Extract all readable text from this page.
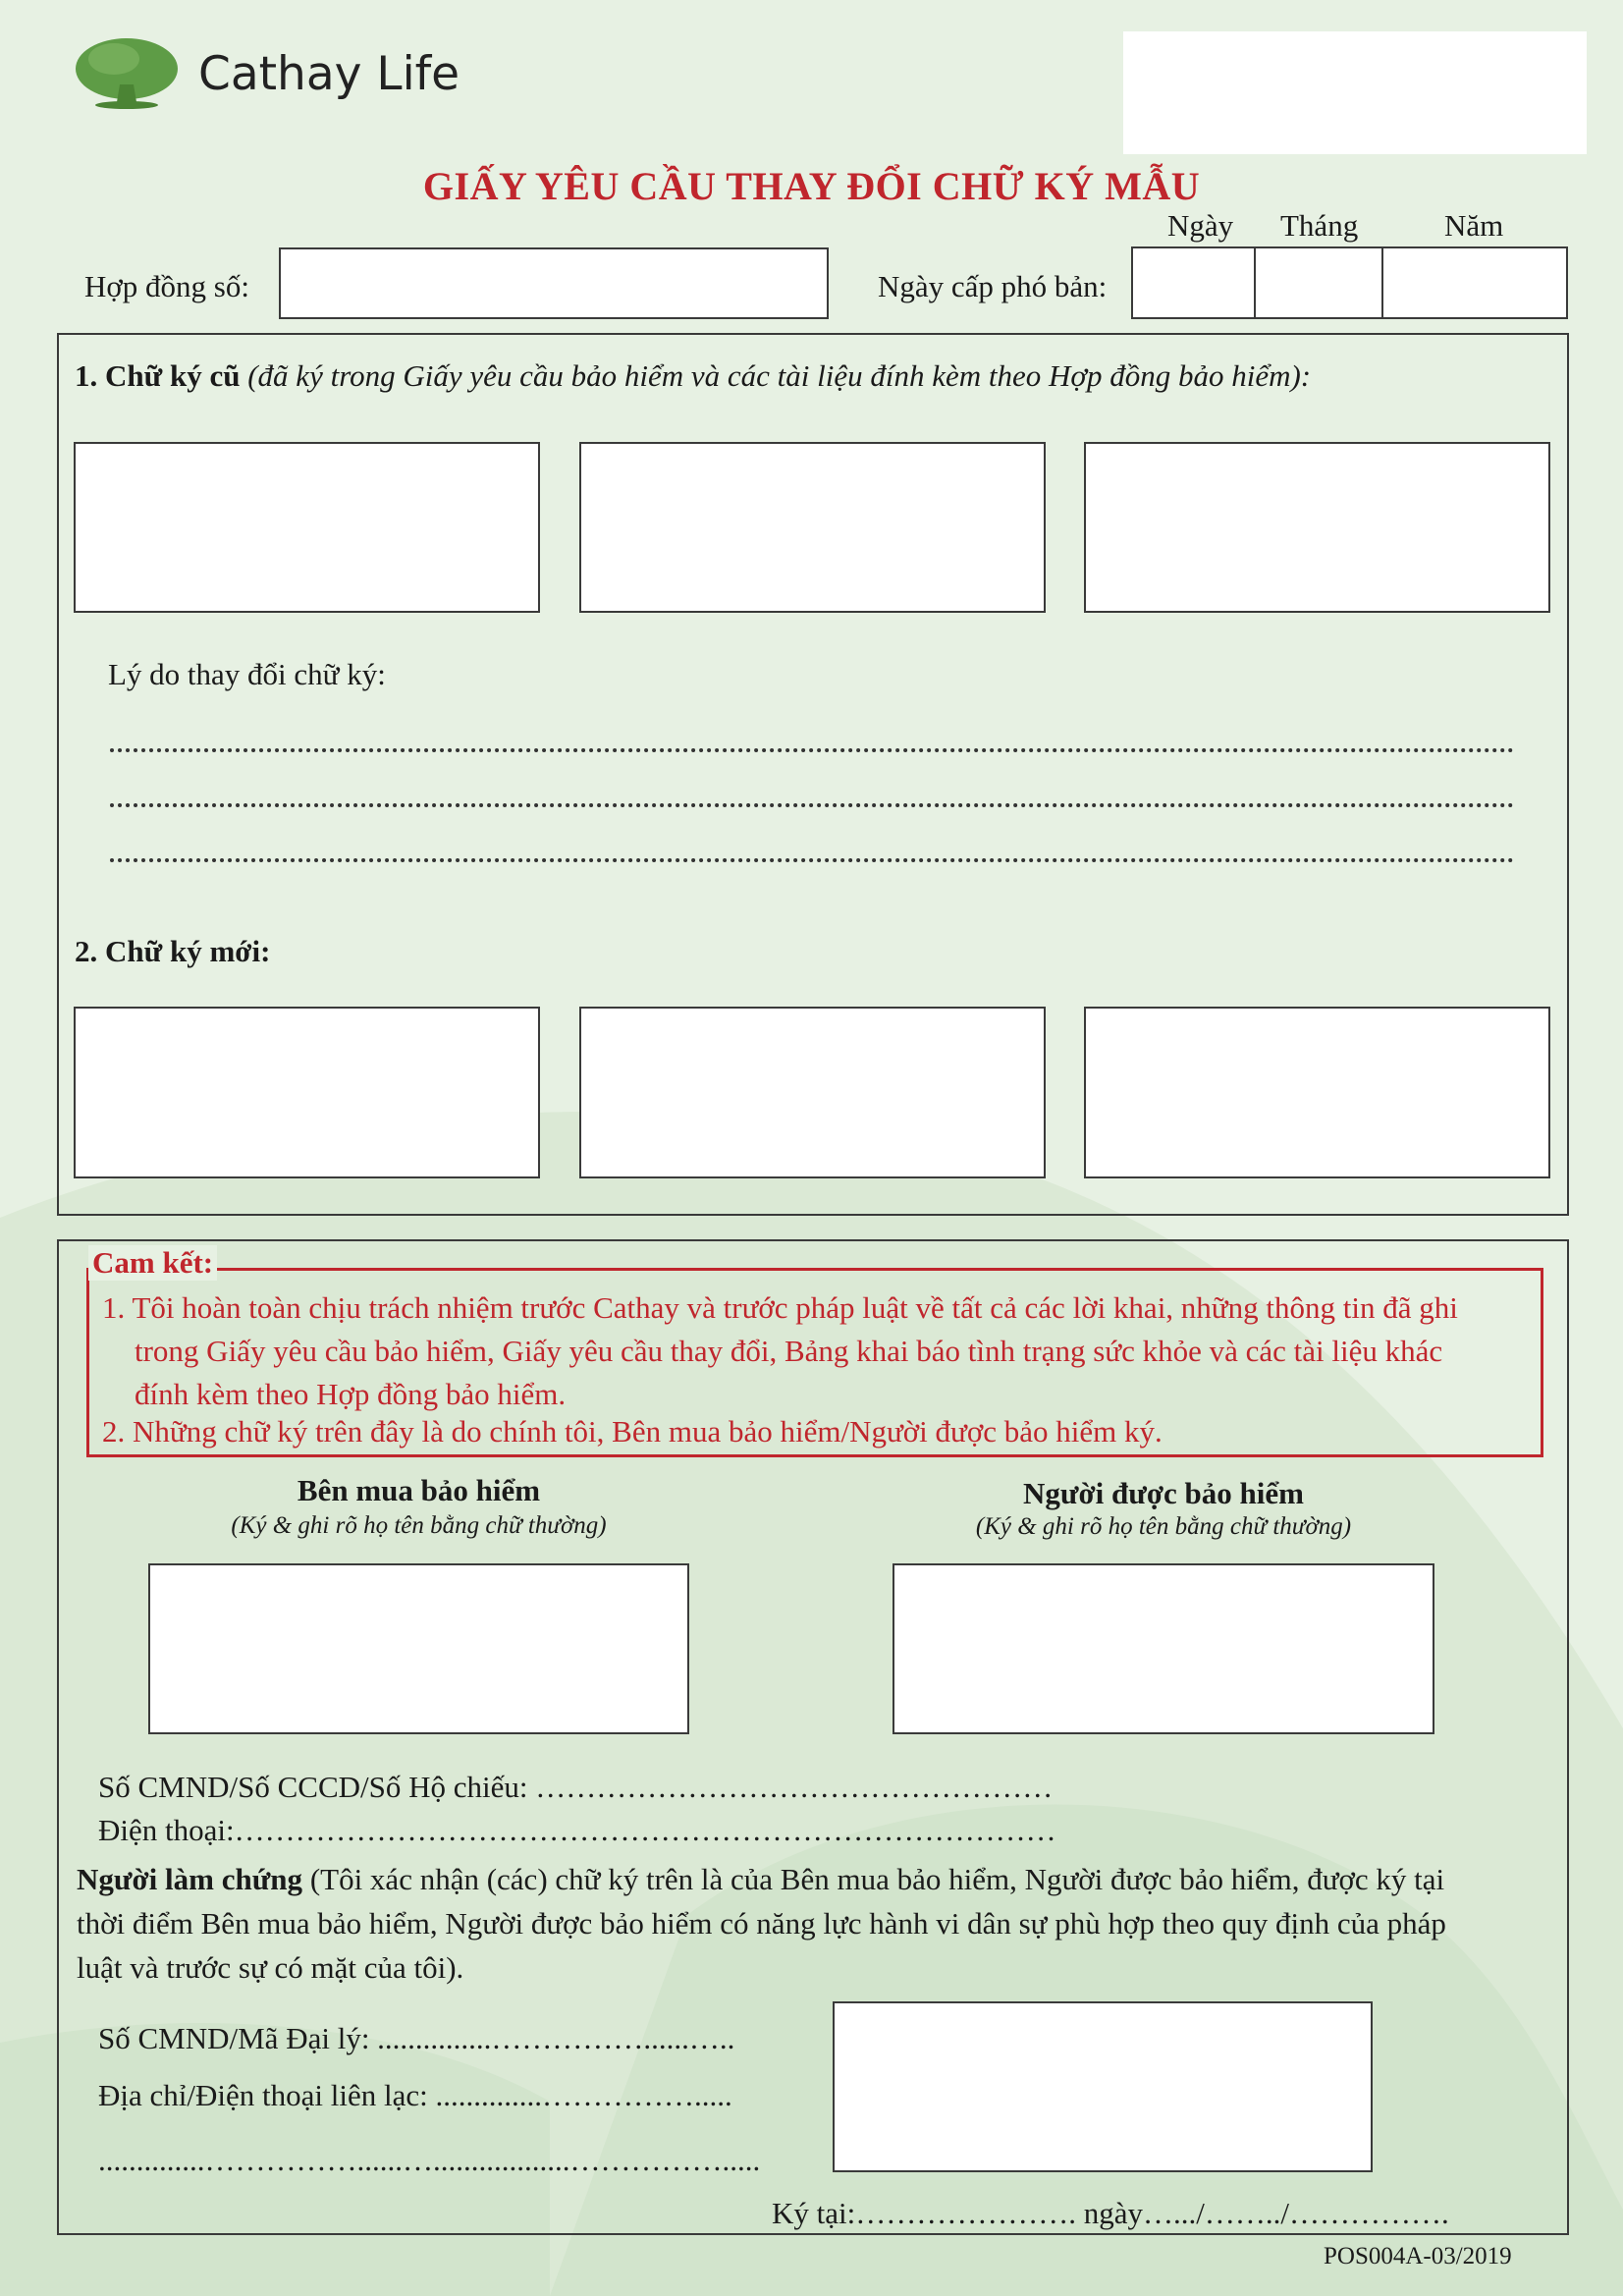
Cathay Life
GIẤY YÊU CẦU THAY ĐỔI CHỮ KÝ MẪU
Ngày Tháng	Năm
Hợp đồng số:	Ngày cấp phó bản:
1. Chữ ký cũ (đã ký trong Giấy yêu cầu bảo hiểm và các tài liệu đính kèm theo Hợp đồng bảo hiểm):
Lý do thay đổi chữ ký:
2. Chữ ký mới:
Cam kết:
1. Tôi hoàn toàn chịu trách nhiệm trước Cathay và trước pháp luật về tất cả các lời khai, những thông tin đã ghi
trong Giấy yêu cầu bảo hiểm, Giấy yêu cầu thay đổi, Bảng khai báo tình trạng sức khỏe và các tài liệu khác
đính kèm theo Hợp đồng bảo hiểm.
2. Những chữ ký trên đây là do chính tôi, Bên mua bảo hiểm/Người được bảo hiểm ký.
Bên mua bảo hiểm
(Ký & ghi rõ họ tên bằng chữ thường)
Người được bảo hiểm
(Ký & ghi rõ họ tên bằng chữ thường)
Số CMND/Số CCCD/Số Hộ chiếu: ……………………………………………
Điện thoại:………………………………………………………………………
Người làm chứng (Tôi xác nhận (các) chữ ký trên là của Bên mua bảo hiểm, Người được bảo hiểm, được ký tại
thời điểm Bên mua bảo hiểm, Người được bảo hiểm có năng lực hành vi dân sự phù hợp theo quy định của pháp
luật và trước sự có mặt của tôi).
Số CMND/Mã Đại lý: ...............……………......…..
Địa chỉ/Điện thoại liên lạc: ..............…………….....
..............……………......…..................…………….....
Ký tại:…………………. ngày….../……../…………….
POS004A-03/2019
